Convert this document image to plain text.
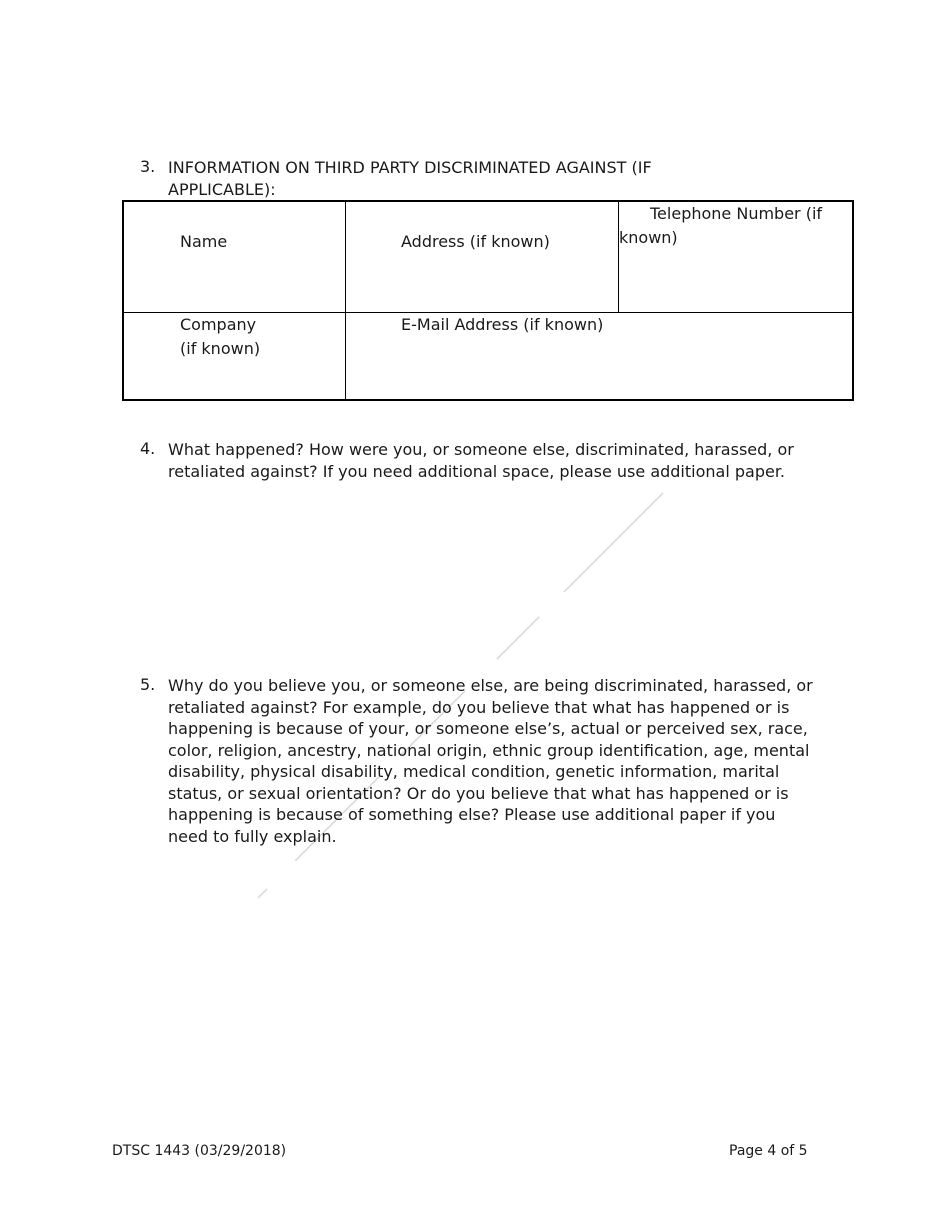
3. INFORMATION ON THIRD PARTY DISCRIMINATED AGAINST (IF
APPLICABLE):
Name	Address (if known)
Telephone Number (if
known)
Company
(if known)
E-Mail Address (if known)
4. What happened? How were you, or someone else, discriminated, harassed, or
retaliated against? If you need additional space, please use additional paper.
5. Why do you believe you, or someone else, are being discriminated, harassed, or
retaliated against? For example, do you believe that what has happened or is
happening is because of your, or someone else’s, actual or perceived sex, race,
color, religion, ancestry, national origin, ethnic group identification, age, mental
disability, physical disability, medical condition, genetic information, marital
status, or sexual orientation? Or do you believe that what has happened or is
happening is because of something else? Please use additional paper if you
need to fully explain.
DTSC 1443 (03/29/2018)	Page 4 of 5
